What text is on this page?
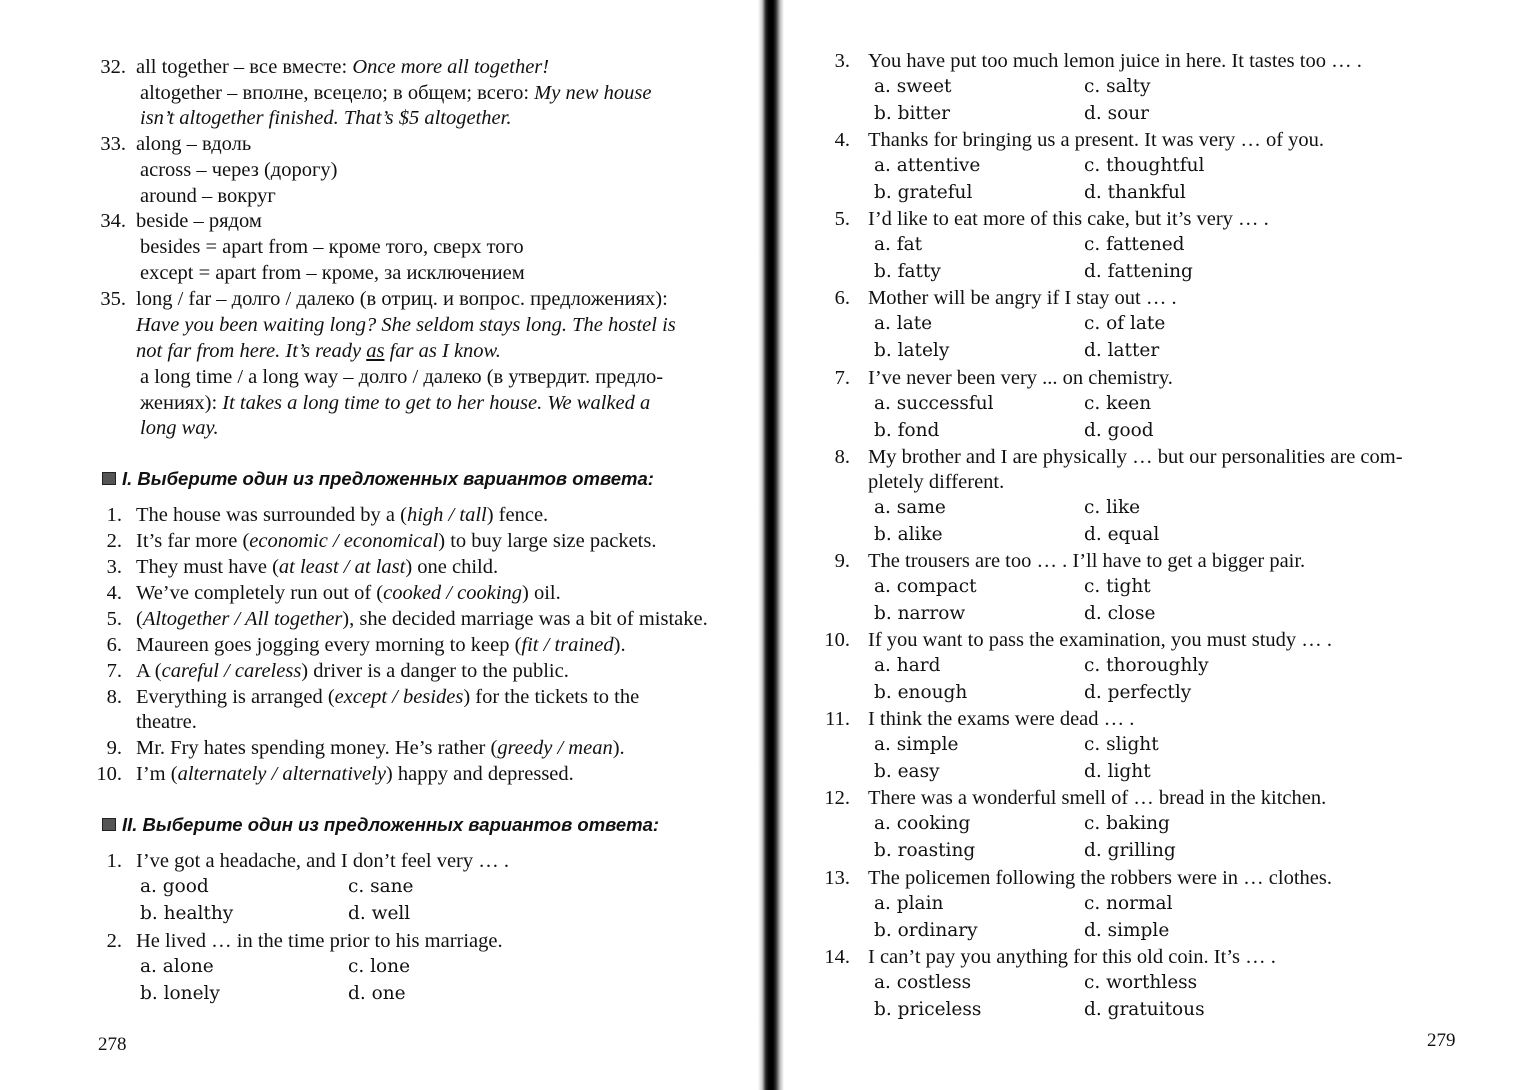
32. all together – все вместе: Once more all together!
altogether – вполне, всецело; в общем; всего: My new house
isn’t altogether finished. That’s $5 altogether.
33. along – вдоль
across – через (дорогу)
around – вокруг
34. beside – рядом
besides = apart from – кроме того, сверх того
except = apart from – кроме, за исключением
35. long / far – долго / далеко (в отриц. и вопрос. предложениях):
Have you been waiting long? She seldom stays long. The hostel is
not far from here. It’s ready as far as I know.
a long time / a long way – долго / далеко (в утвердит. предло-
жениях): It takes a long time to get to her house. We walked a
long way.
I. Выберите один из предложенных вариантов ответа:
1. The house was surrounded by a (high / tall) fence.
2. It’s far more (economic / economical) to buy large size packets.
3. They must have (at least / at last) one child.
4. We’ve completely run out of (cooked / cooking) oil.
5. (Altogether / All together), she decided marriage was a bit of mistake.
6. Maureen goes jogging every morning to keep (fit / trained).
7. A (careful / careless) driver is a danger to the public.
8. Everything is arranged (except / besides) for the tickets to the
theatre.
9. Mr. Fry hates spending money. He’s rather (greedy / mean).
10. I’m (alternately / alternatively) happy and depressed.
II. Выберите один из предложенных вариантов ответа:
1. I’ve got a headache, and I don’t feel very … .
a. good	c. sane
b. healthy	d. well
2. He lived … in the time prior to his marriage.
a. alone	c. lone
b. lonely	d. one
278
3. You have put too much lemon juice in here. It tastes too … .
a. sweet	c. salty
b. bitter	d. sour
4. Thanks for bringing us a present. It was very … of you.
a. attentive	c. thoughtful
b. grateful	d. thankful
5. I’d like to eat more of this cake, but it’s very … .
a. fat	c. fattened
b. fatty	d. fattening
6. Mother will be angry if I stay out … .
a. late	c. of late
b. lately	d. latter
7. I’ve never been very ... on chemistry.
a. successful	c. keen
b. fond	d. good
8. My brother and I are physically … but our personalities are com-
pletely different.
a. same	c. like
b. alike	d. equal
9. The trousers are too … . I’ll have to get a bigger pair.
a. compact	c. tight
b. narrow	d. close
10. If you want to pass the examination, you must study … .
a. hard	c. thoroughly
b. enough	d. perfectly
11. I think the exams were dead … .
a. simple	c. slight
b. easy	d. light
12. There was a wonderful smell of … bread in the kitchen.
a. cooking	c. baking
b. roasting	d. grilling
13. The policemen following the robbers were in … clothes.
a. plain	c. normal
b. ordinary	d. simple
14. I can’t pay you anything for this old coin. It’s … .
a. costless	c. worthless
b. priceless	d. gratuitous
279
